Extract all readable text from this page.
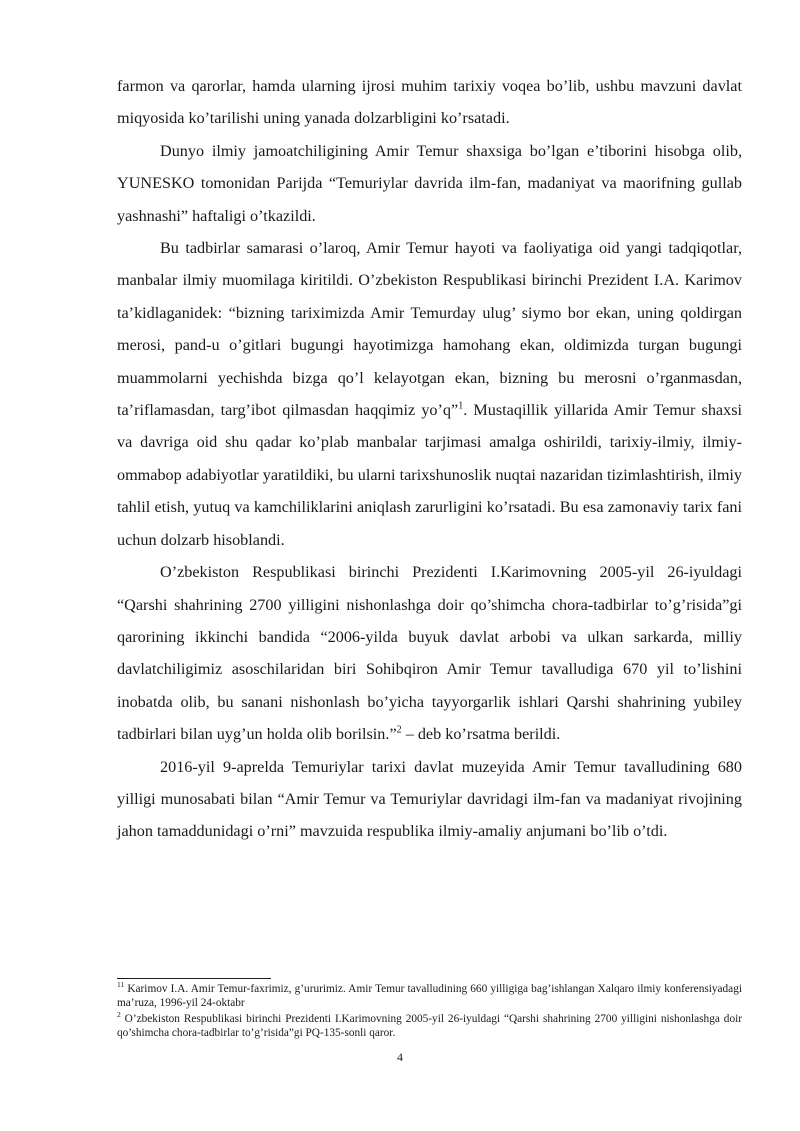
farmon va qarorlar, hamda ularning ijrosi muhim tarixiy voqea bo’lib, ushbu mavzuni davlat miqyosida ko’tarilishi uning yanada dolzarbligini ko’rsatadi.

Dunyo ilmiy jamoatchiligining Amir Temur shaxsiga bo’lgan e’tiborini hisobga olib, YUNESKO tomonidan Parijda “Temuriylar davrida ilm-fan, madaniyat va maorifning gullab yashnashi” haftaligi o’tkazildi.

Bu tadbirlar samarasi o’laroq, Amir Temur hayoti va faoliyatiga oid yangi tadqiqotlar, manbalar ilmiy muomilaga kiritildi. O’zbekiston Respublikasi birinchi Prezident I.A. Karimov ta’kidlaganidek: “bizning tariximizda Amir Temurday ulug’ siymo bor ekan, uning qoldirgan merosi, pand-u o’gitlari bugungi hayotimizga hamohang ekan, oldimizda turgan bugungi muammolarni yechishda bizga qo’l kelayotgan ekan, bizning bu merosni o’rganmasdan, ta’riflamasdan, targ’ibot qilmasdan haqqimiz yo’q”$^1$. Mustaqillik yillarida Amir Temur shaxsi va davriga oid shu qadar ko’plab manbalar tarjimasi amalga oshirildi, tarixiy-ilmiy, ilmiy-ommabop adabiyotlar yaratildiki, bu ularni tarixshunoslik nuqtai nazaridan tizimlashtirish, ilmiy tahlil etish, yutuq va kamchiliklarini aniqlash zarurligini ko’rsatadi. Bu esa zamonaviy tarix fani uchun dolzarb hisoblandi.

O’zbekiston Respublikasi birinchi Prezidenti I.Karimovning 2005-yil 26-iyuldagi “Qarshi shahrining 2700 yilligini nishonlashga doir qo’shimcha chora-tadbirlar to’g’risida”gi qarorining ikkinchi bandida “2006-yilda buyuk davlat arbobi va ulkan sarkarda, milliy davlatchiligimiz asoschilaridan biri Sohibqiron Amir Temur tavalludiga 670 yil to’lishini inobatda olib, bu sanani nishonlash bo’yicha tayyorgarlik ishlari Qarshi shahrining yubiley tadbirlari bilan uyg’un holda olib borilsin.”$^2$ – deb ko’rsatma berildi.

2016-yil 9-aprelda Temuriylar tarixi davlat muzeyida Amir Temur tavalludining 680 yilligi munosabati bilan “Amir Temur va Temuriylar davridagi ilm-fan va madaniyat rivojining jahon tamaddunidagi o’rni” mavzuida respublika ilmiy-amaliy anjumani bo’lib o’tdi.

$^{11}$ Karimov I.A. Amir Temur-faxrimiz, g’ururimiz. Amir Temur tavalludining 660 yilligiga bag’ishlangan Xalqaro ilmiy konferensiyadagi ma’ruza, 1996-yil 24-oktabr

$^2$ O’zbekiston Respublikasi birinchi Prezidenti I.Karimovning 2005-yil 26-iyuldagi “Qarshi shahrining 2700 yilligini nishonlashga doir qo’shimcha chora-tadbirlar to’g’risida”gi PQ-135-sonli qaror.

4
